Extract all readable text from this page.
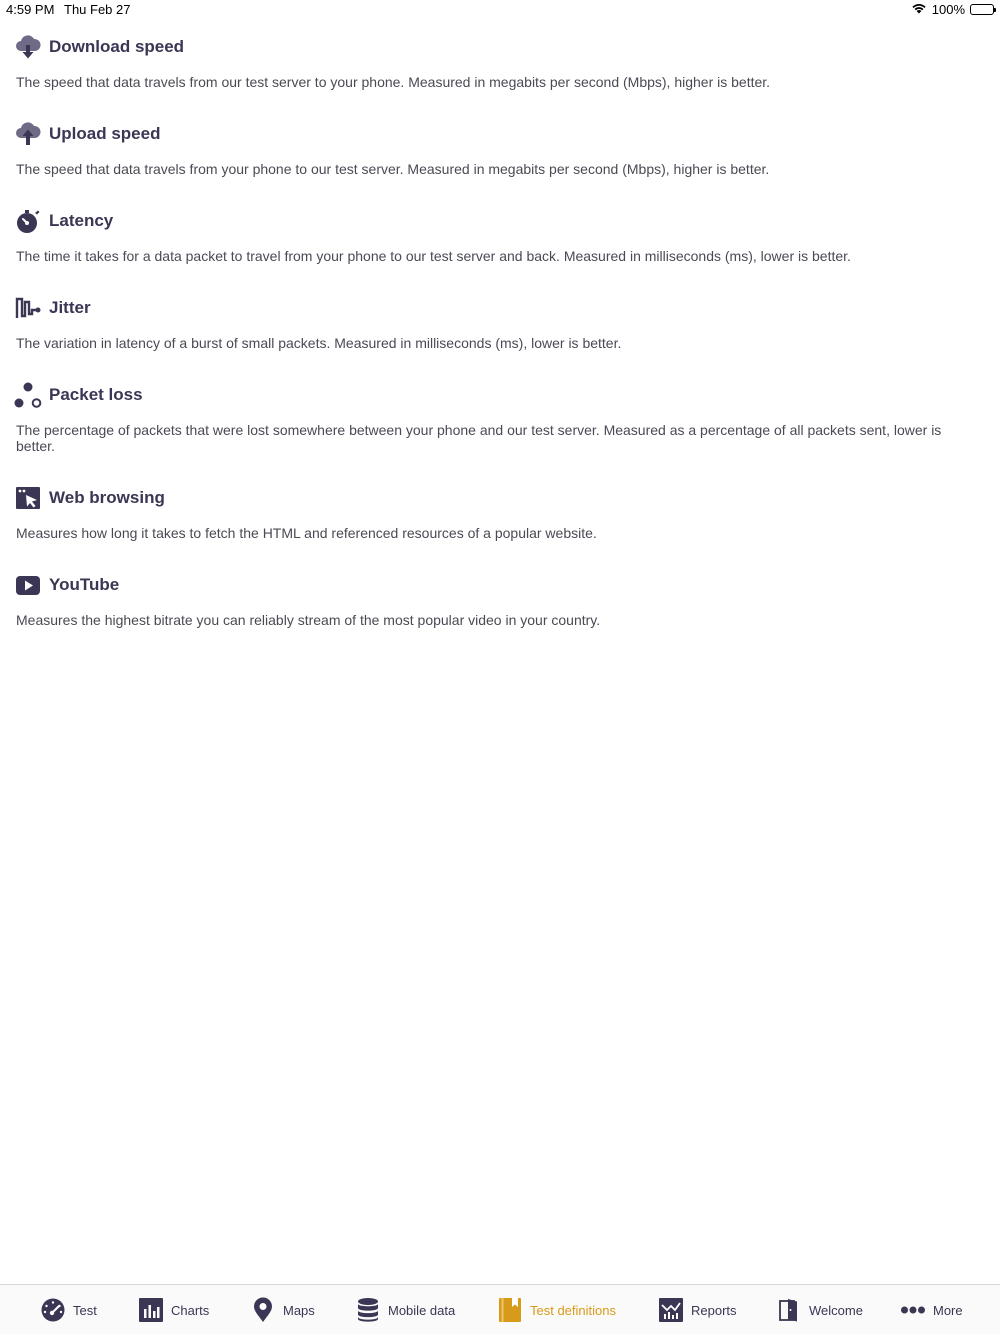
4:59 PM Thu Feb 27	100%
Download speed
The speed that data travels from our test server to your phone. Measured in megabits per second (Mbps), higher is better.
Upload speed
The speed that data travels from your phone to our test server. Measured in megabits per second (Mbps), higher is better.
Latency
The time it takes for a data packet to travel from your phone to our test server and back. Measured in milliseconds (ms), lower is better.
Jitter
The variation in latency of a burst of small packets. Measured in milliseconds (ms), lower is better.
Packet loss
The percentage of packets that were lost somewhere between your phone and our test server. Measured as a percentage of all packets sent, lower is better.
Web browsing
Measures how long it takes to fetch the HTML and referenced resources of a popular website.
YouTube
Measures the highest bitrate you can reliably stream of the most popular video in your country.
Test	Charts	Maps	Mobile data	Test definitions	Reports	Welcome	More
